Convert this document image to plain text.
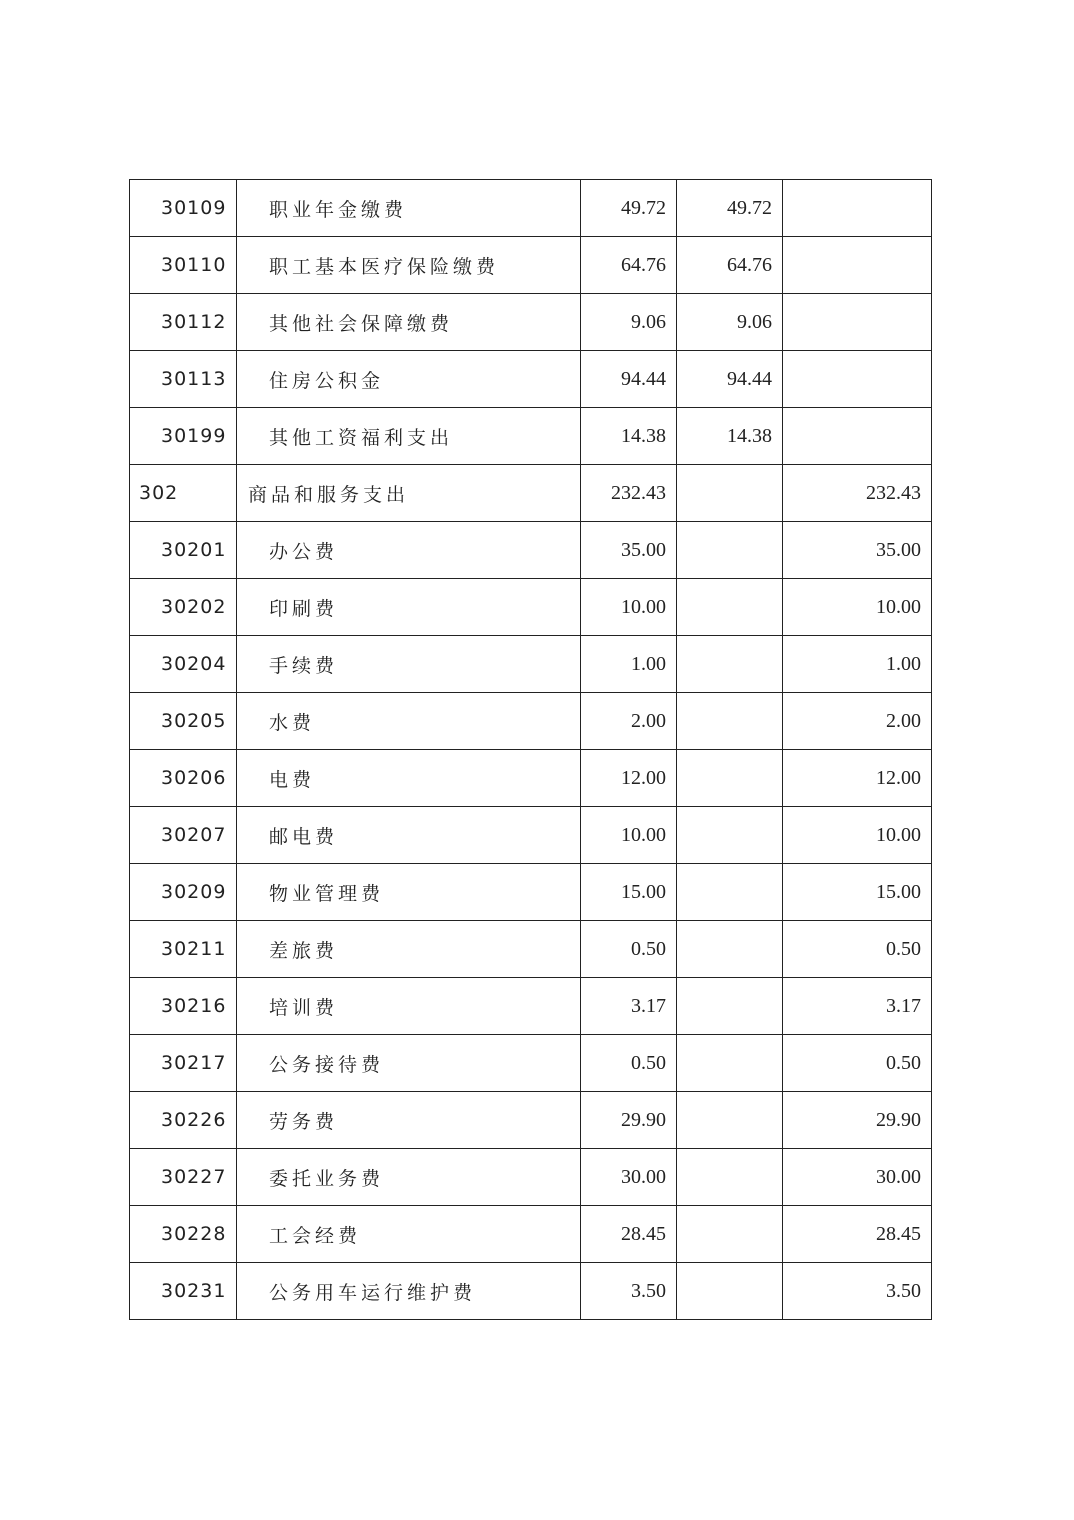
30109	职业年金缴费	49.72	49.72	
30110	职工基本医疗保险缴费	64.76	64.76	
30112	其他社会保障缴费	9.06	9.06	
30113	住房公积金	94.44	94.44	
30199	其他工资福利支出	14.38	14.38	
302	商品和服务支出	232.43		232.43
30201	办公费	35.00		35.00
30202	印刷费	10.00		10.00
30204	手续费	1.00		1.00
30205	水费	2.00		2.00
30206	电费	12.00		12.00
30207	邮电费	10.00		10.00
30209	物业管理费	15.00		15.00
30211	差旅费	0.50		0.50
30216	培训费	3.17		3.17
30217	公务接待费	0.50		0.50
30226	劳务费	29.90		29.90
30227	委托业务费	30.00		30.00
30228	工会经费	28.45		28.45
30231	公务用车运行维护费	3.50		3.50
